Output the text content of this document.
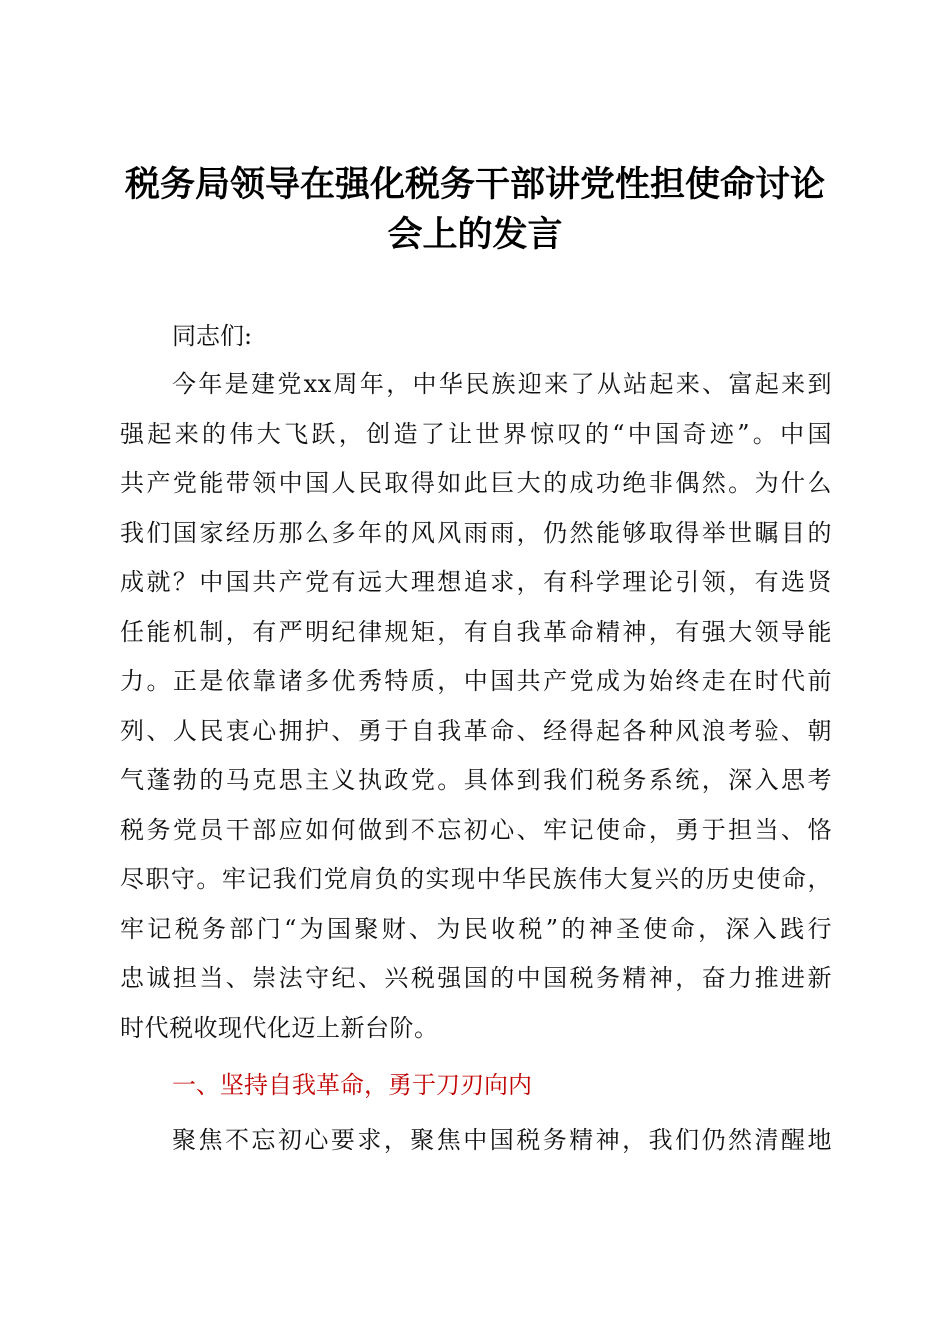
税务局领导在强化税务干部讲党性担使命讨论
会上的发言
同志们:
今年是建党xx周年，中华民族迎来了从站起来、富起来到
强起来的伟大飞跃，创造了让世界惊叹的“中国奇迹”。中国
共产党能带领中国人民取得如此巨大的成功绝非偶然。为什么
我们国家经历那么多年的风风雨雨，仍然能够取得举世瞩目的
成就？中国共产党有远大理想追求，有科学理论引领，有选贤
任能机制，有严明纪律规矩，有自我革命精神，有强大领导能
力。正是依靠诸多优秀特质，中国共产党成为始终走在时代前
列、人民衷心拥护、勇于自我革命、经得起各种风浪考验、朝
气蓬勃的马克思主义执政党。具体到我们税务系统，深入思考
税务党员干部应如何做到不忘初心、牢记使命，勇于担当、恪
尽职守。牢记我们党肩负的实现中华民族伟大复兴的历史使命，
牢记税务部门“为国聚财、为民收税”的神圣使命，深入践行
忠诚担当、崇法守纪、兴税强国的中国税务精神，奋力推进新
时代税收现代化迈上新台阶。
一、坚持自我革命，勇于刀刃向内
聚焦不忘初心要求，聚焦中国税务精神，我们仍然清醒地
